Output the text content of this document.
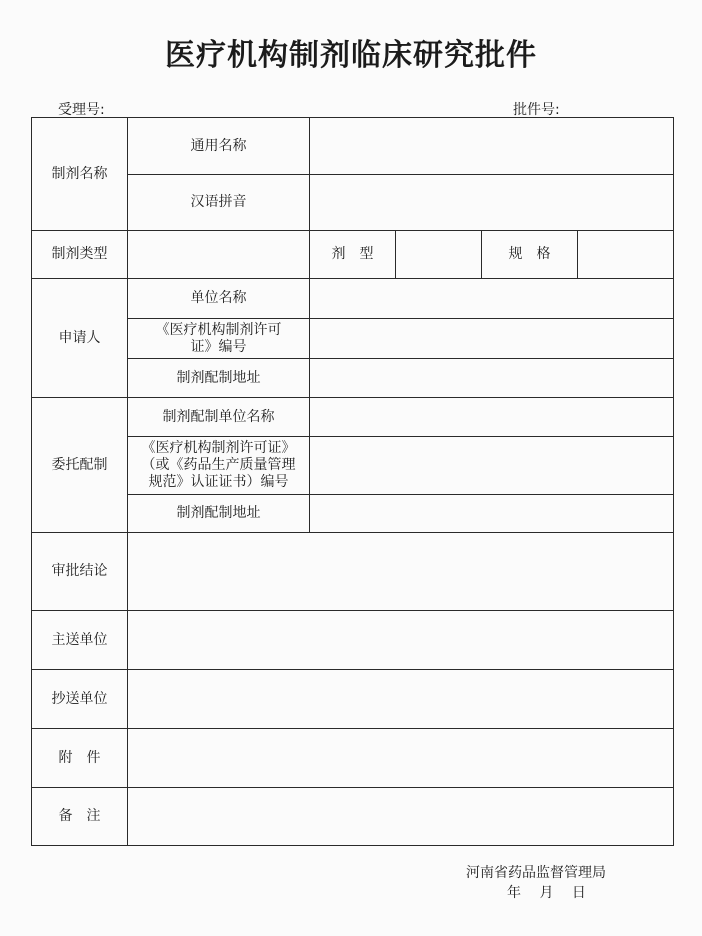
医疗机构制剂临床研究批件
受理号:	批件号:
制剂名称	通用名称				
	汉语拼音				
制剂类型		剂　型		规　格	
申请人	单位名称				
	《医疗机构制剂许可证》编号				
	制剂配制地址				
委托配制	制剂配制单位名称				
	《医疗机构制剂许可证》（或《药品生产质量管理规范》认证证书）编号				
	制剂配制地址				
审批结论					
主送单位					
抄送单位					
附　件					
备　注					
河南省药品监督管理局
年 月 日
